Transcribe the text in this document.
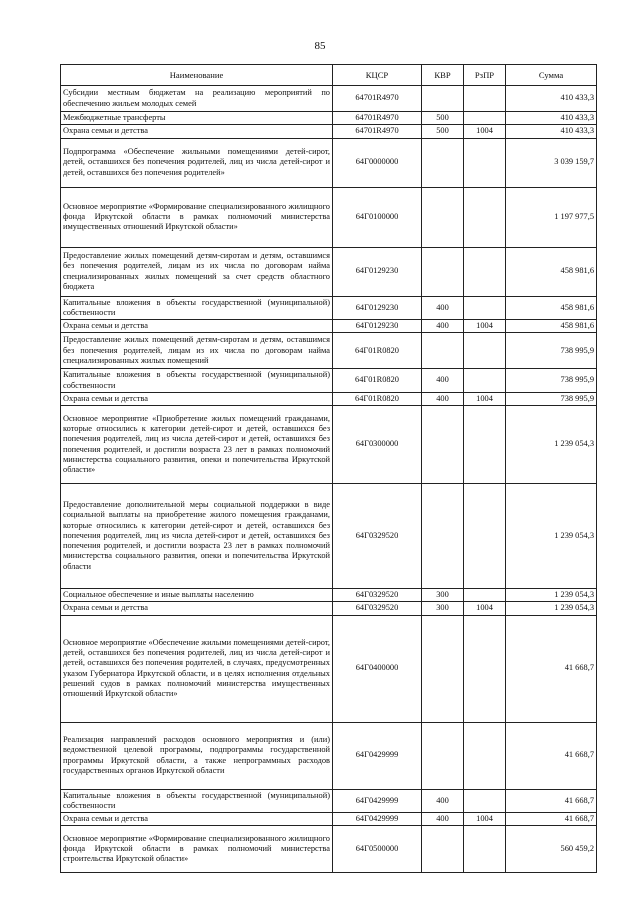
85
Наименование	КЦСР	КВР	РзПР	Сумма
Субсидии местным бюджетам на реализацию мероприятий по обеспечению жильем молодых семей	64701R4970			410 433,3
Межбюджетные трансферты	64701R4970	500		410 433,3
Охрана семьи и детства	64701R4970	500	1004	410 433,3
Подпрограмма «Обеспечение жильными помещениями детей-сирот, детей, оставшихся без попечения родителей, лиц из числа детей-сирот и детей, оставшихся без попечения родителей»	64Г0000000			3 039 159,7
Основное мероприятие «Формирование специализированного жилищного фонда Иркутской области в рамках полномочий министерства имущественных отношений Иркутской области»	64Г0100000			1 197 977,5
Предоставление жилых помещений детям-сиротам и детям, оставшимся без попечения родителей, лицам из их числа по договорам найма специализированных жилых помещений за счет средств областного бюджета	64Г0129230			458 981,6
Капитальные вложения в объекты государственной (муниципальной) собственности	64Г0129230	400		458 981,6
Охрана семьи и детства	64Г0129230	400	1004	458 981,6
Предоставление жилых помещений детям-сиротам и детям, оставшимся без попечения родителей, лицам из их числа по договорам найма специализированных жилых помещений	64Г01R0820			738 995,9
Капитальные вложения в объекты государственной (муниципальной) собственности	64Г01R0820	400		738 995,9
Охрана семьи и детства	64Г01R0820	400	1004	738 995,9
Основное мероприятие «Приобретение жилых помещений гражданами, которые относились к категории детей-сирот и детей, оставшихся без попечения родителей, лиц из числа детей-сирот и детей, оставшихся без попечения родителей, и достигли возраста 23 лет в рамках полномочий министерства социального развития, опеки и попечительства Иркутской области»	64Г0300000			1 239 054,3
Предоставление дополнительной меры социальной поддержки в виде социальной выплаты на приобретение жилого помещения гражданами, которые относились к категории детей-сирот и детей, оставшихся без попечения родителей, лиц из числа детей-сирот и детей, оставшихся без попечения родителей, и достигли возраста 23 лет в рамках полномочий министерства социального развития, опеки и попечительства Иркутской области	64Г0329520			1 239 054,3
Социальное обеспечение и иные выплаты населению	64Г0329520	300		1 239 054,3
Охрана семьи и детства	64Г0329520	300	1004	1 239 054,3
Основное мероприятие «Обеспечение жилыми помещениями детей-сирот, детей, оставшихся без попечения родителей, лиц из числа детей-сирот и детей, оставшихся без попечения родителей, в случаях, предусмотренных указом Губернатора Иркутской области, и в целях исполнения отдельных решений судов в рамках полномочий министерства имущественных отношений Иркутской области»	64Г0400000			41 668,7
Реализация направлений расходов основного мероприятия и (или) ведомственной целевой программы, подпрограммы государственной программы Иркутской области, а также непрограммных расходов государственных органов Иркутской области	64Г0429999			41 668,7
Капитальные вложения в объекты государственной (муниципальной) собственности	64Г0429999	400		41 668,7
Охрана семьи и детства	64Г0429999	400	1004	41 668,7
Основное мероприятие «Формирование специализированного жилищного фонда Иркутской области в рамках полномочий министерства строительства Иркутской области»	64Г0500000			560 459,2
